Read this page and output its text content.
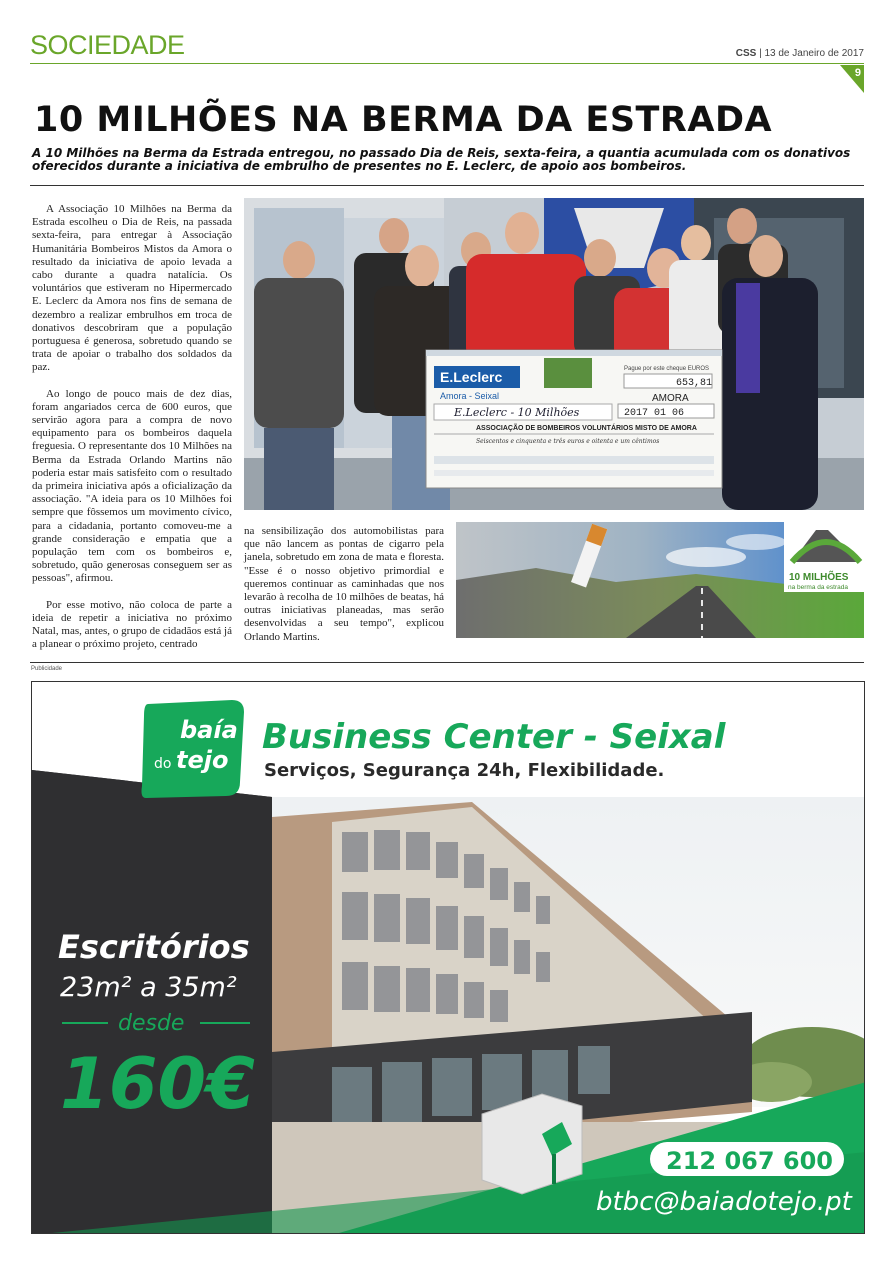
SOCIEDADE	CSS | 13 de Janeiro de 2017
9
10 MILHÕES NA BERMA DA ESTRADA

A 10 Milhões na Berma da Estrada entregou, no passado Dia de Reis, sexta-feira, a quantia acumulada com os donativos oferecidos durante a iniciativa de embrulho de presentes no E. Leclerc, de apoio aos bombeiros.

A Associação 10 Milhões na Berma da Estrada escolheu o Dia de Reis, na passada sexta-feira, para entregar à Associação Humanitária Bombeiros Mistos da Amora o resultado da iniciativa de apoio levada a cabo durante a quadra natalícia. Os voluntários que estiveram no Hipermercado E. Leclerc da Amora nos fins de semana de dezembro a realizar embrulhos em troca de donativos descobriram que a população portuguesa é generosa, sobretudo quando se trata de apoiar o trabalho dos soldados da paz.

Ao longo de pouco mais de dez dias, foram angariados cerca de 600 euros, que servirão agora para a compra de novo equipamento para os bombeiros daquela freguesia. O representante dos 10 Milhões na Berma da Estrada Orlando Martins não poderia estar mais satisfeito com o resultado da primeira iniciativa após a oficialização da associação. "A ideia para os 10 Milhões foi sempre que fôssemos um movimento cívico, para a cidadania, portanto comoveu-me a grande consideração e empatia que a população tem com os bombeiros e, sobretudo, quão generosas conseguem ser as pessoas", afirmou.

Por esse motivo, não coloca de parte a ideia de repetir a iniciativa no próximo Natal, mas, antes, o grupo de cidadãos está já a planear o próximo projeto, centrado

E.Leclerc
Amora - Seixal
Pague por este cheque EUROS
653,81
AMORA
E.Leclerc - 10 Milhões	2017 01 06
ASSOCIAÇÃO DE BOMBEIROS VOLUNTÁRIOS MISTO DE AMORA
Seiscentos e cinquenta e três euros e oitenta e um cêntimos

na sensibilização dos automobilistas para que não lancem as pontas de cigarro pela janela, sobretudo em zona de mata e floresta. "Esse é o nosso objetivo primordial e queremos continuar as caminhadas que nos levarão à recolha de 10 milhões de beatas, há outras iniciativas planeadas, mas serão desenvolvidas a seu tempo", explicou Orlando Martins.

10 MILHÕES
na berma da estrada
Publicidade
baía
do tejo
Business Center - Seixal
Serviços, Segurança 24h, Flexibilidade.
Escritórios
23m² a 35m²
desde
160€
212 067 600
btbc@baiadotejo.pt
